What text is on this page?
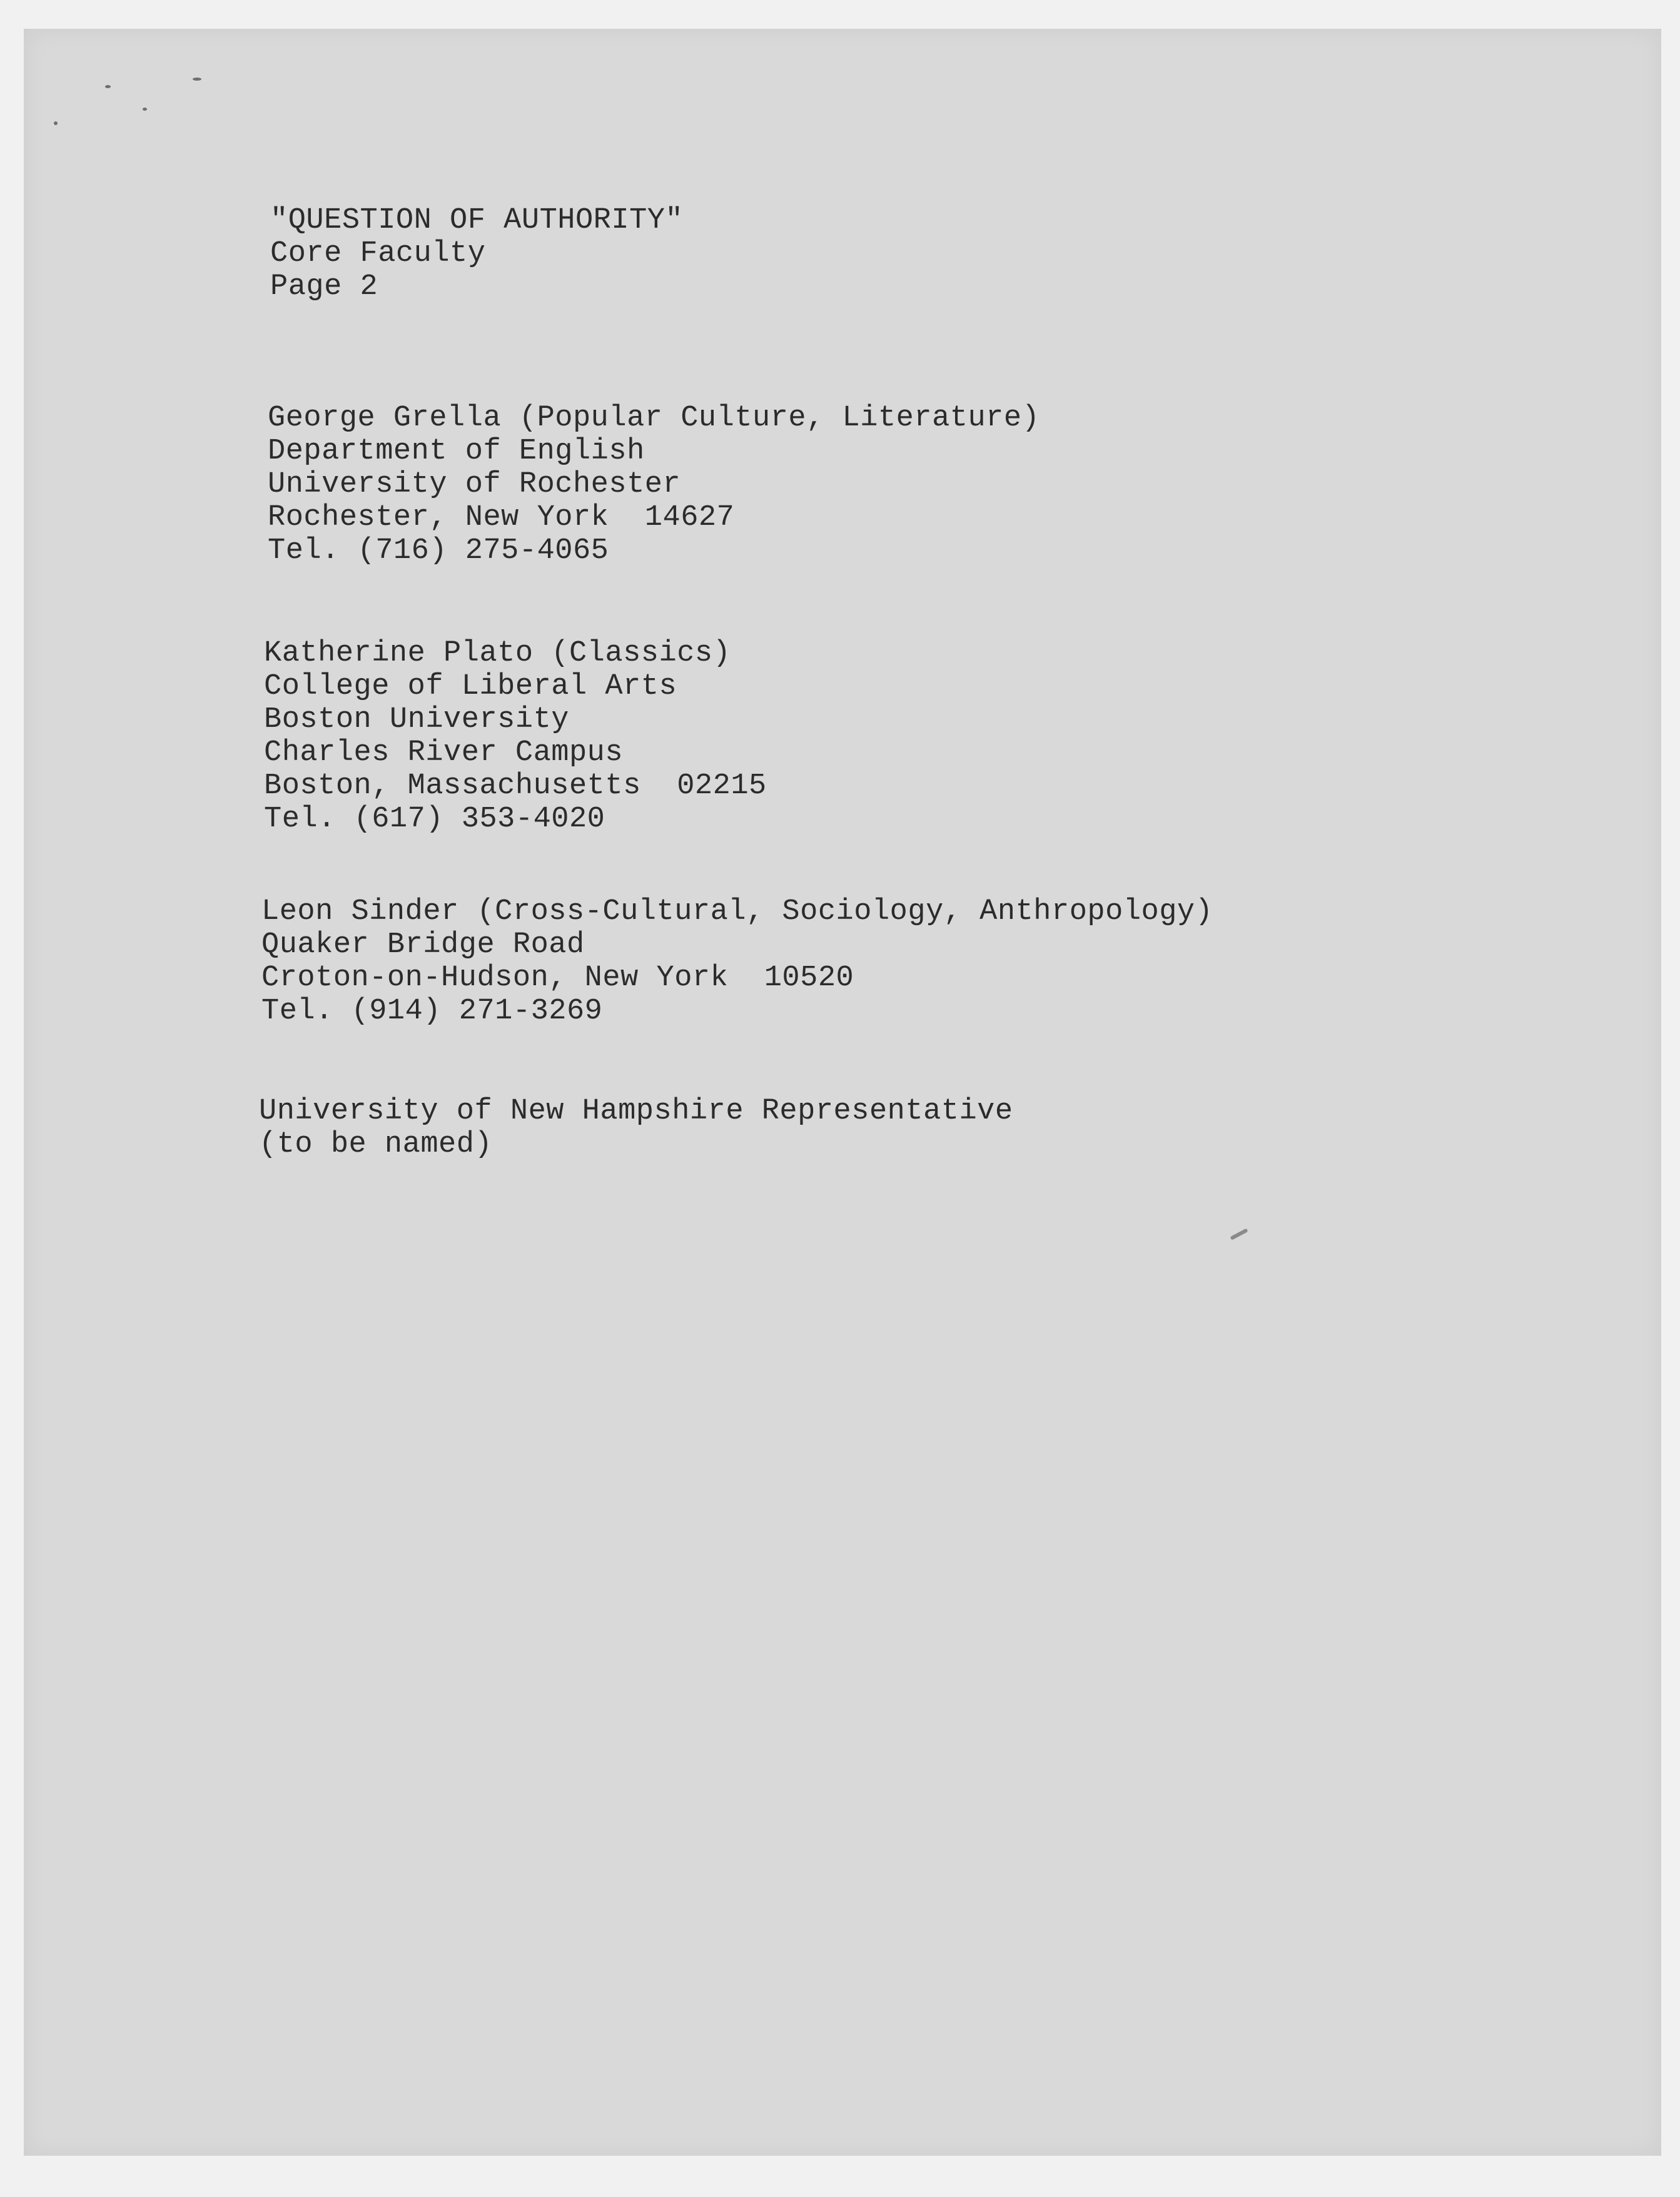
"QUESTION OF AUTHORITY"
Core Faculty
Page 2
George Grella (Popular Culture, Literature)
Department of English
University of Rochester
Rochester, New York  14627
Tel. (716) 275-4065
Katherine Plato (Classics)
College of Liberal Arts
Boston University
Charles River Campus
Boston, Massachusetts  02215
Tel. (617) 353-4020
Leon Sinder (Cross-Cultural, Sociology, Anthropology)
Quaker Bridge Road
Croton-on-Hudson, New York  10520
Tel. (914) 271-3269
University of New Hampshire Representative
(to be named)
